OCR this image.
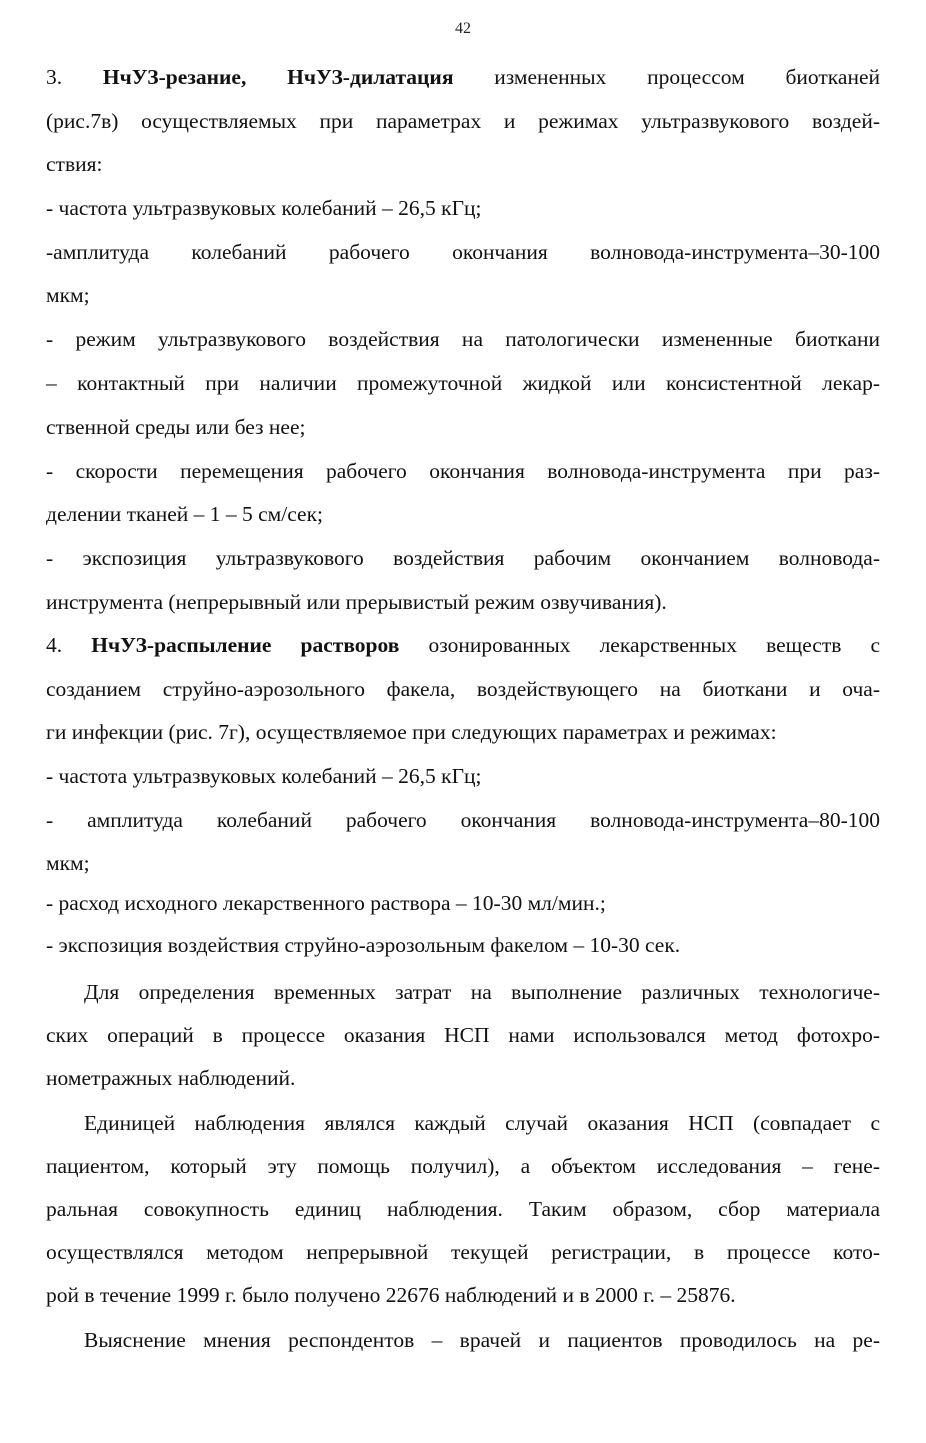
42
3. НчУЗ-резание, НчУЗ-дилатация измененных процессом биотканей
(рис.7в) осуществляемых при параметрах и режимах ультразвукового воздей-
ствия:
- частота ультразвуковых колебаний – 26,5 кГц;
-амплитуда колебаний рабочего окончания волновода-инструмента–30-100
мкм;
- режим ультразвукового воздействия на патологически измененные биоткани
– контактный при наличии промежуточной жидкой или консистентной лекар-
ственной среды или без нее;
- скорости перемещения рабочего окончания волновода-инструмента при раз-
делении тканей – 1 – 5 см/сек;
- экспозиция ультразвукового воздействия рабочим окончанием волновода-
инструмента (непрерывный или прерывистый режим озвучивания).
4. НчУЗ-распыление растворов озонированных лекарственных веществ с
созданием струйно-аэрозольного факела, воздействующего на биоткани и оча-
ги инфекции (рис. 7г), осуществляемое при следующих параметрах и режимах:
- частота ультразвуковых колебаний – 26,5 кГц;
- амплитуда колебаний рабочего окончания волновода-инструмента–80-100
мкм;
- расход исходного лекарственного раствора – 10-30 мл/мин.;
- экспозиция воздействия струйно-аэрозольным факелом – 10-30 сек.
Для определения временных затрат на выполнение различных технологиче-
ских операций в процессе оказания НСП нами использовался метод фотохро-
нометражных наблюдений.
Единицей наблюдения являлся каждый случай оказания НСП (совпадает с
пациентом, который эту помощь получил), а объектом исследования – гене-
ральная совокупность единиц наблюдения. Таким образом, сбор материала
осуществлялся методом непрерывной текущей регистрации, в процессе кото-
рой в течение 1999 г. было получено 22676 наблюдений и в 2000 г. – 25876.
Выяснение мнения респондентов – врачей и пациентов проводилось на ре-
